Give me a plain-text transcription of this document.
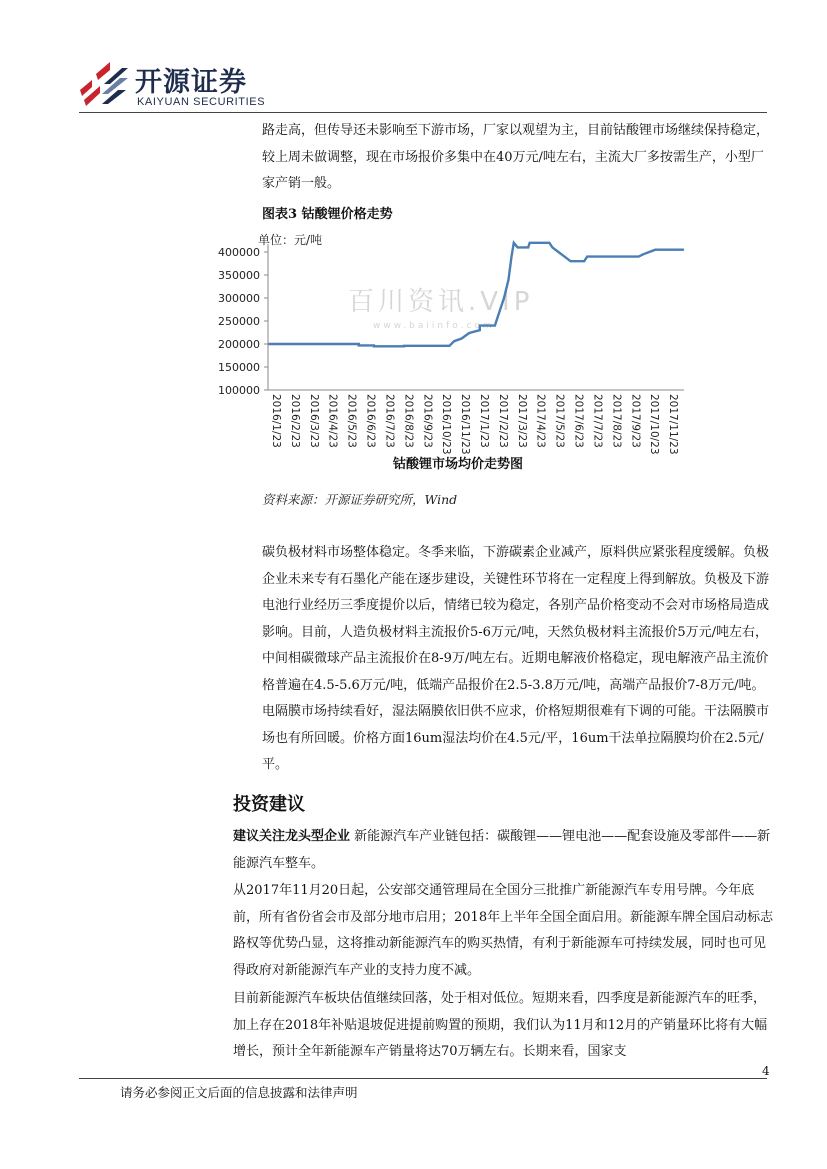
开源证券
KAIYUAN SECURITIES

路走高，但传导还未影响至下游市场，厂家以观望为主，目前钴酸锂市场继续保持稳定，较上周未做调整，现在市场报价多集中在40万元/吨左右，主流大厂多按需生产，小型厂家产销一般。

图表3 钴酸锂价格走势
单位：元/吨
百川资讯.VIP
www.baiinfo.com
100000
150000
200000
250000
300000
350000
400000
2016/1/23 2016/2/23 2016/3/23 2016/4/23 2016/5/23 2016/6/23 2016/7/23 2016/8/23 2016/9/23 2016/10/23 2016/11/23 2017/1/23 2017/2/23 2017/3/23 2017/4/23 2017/5/23 2017/6/23 2017/7/23 2017/8/23 2017/9/23 2017/10/23 2017/11/23
钴酸锂市场均价走势图
资料来源：开源证券研究所，Wind

碳负极材料市场整体稳定。冬季来临，下游碳素企业减产，原料供应紧张程度缓解。负极企业未来专有石墨化产能在逐步建设，关键性环节将在一定程度上得到解放。负极及下游电池行业经历三季度提价以后，情绪已较为稳定，各别产品价格变动不会对市场格局造成影响。目前，人造负极材料主流报价5-6万元/吨，天然负极材料主流报价5万元/吨左右，中间相碳微球产品主流报价在8-9万/吨左右。近期电解液价格稳定，现电解液产品主流价格普遍在4.5-5.6万元/吨，低端产品报价在2.5-3.8万元/吨，高端产品报价7-8万元/吨。电隔膜市场持续看好，湿法隔膜依旧供不应求，价格短期很难有下调的可能。干法隔膜市场也有所回暖。价格方面16um湿法均价在4.5元/平，16um干法单拉隔膜均价在2.5元/平。

投资建议

建议关注龙头型企业 新能源汽车产业链包括：碳酸锂——锂电池——配套设施及零部件——新能源汽车整车。

从2017年11月20日起，公安部交通管理局在全国分三批推广新能源汽车专用号牌。今年底前，所有省份省会市及部分地市启用；2018年上半年全国全面启用。新能源车牌全国启动标志路权等优势凸显，这将推动新能源汽车的购买热情，有利于新能源车可持续发展，同时也可见得政府对新能源汽车产业的支持力度不减。

目前新能源汽车板块估值继续回落，处于相对低位。短期来看，四季度是新能源汽车的旺季，加上存在2018年补贴退坡促进提前购置的预期，我们认为11月和12月的产销量环比将有大幅增长，预计全年新能源车产销量将达70万辆左右。长期来看，国家支

4
请务必参阅正文后面的信息披露和法律声明
